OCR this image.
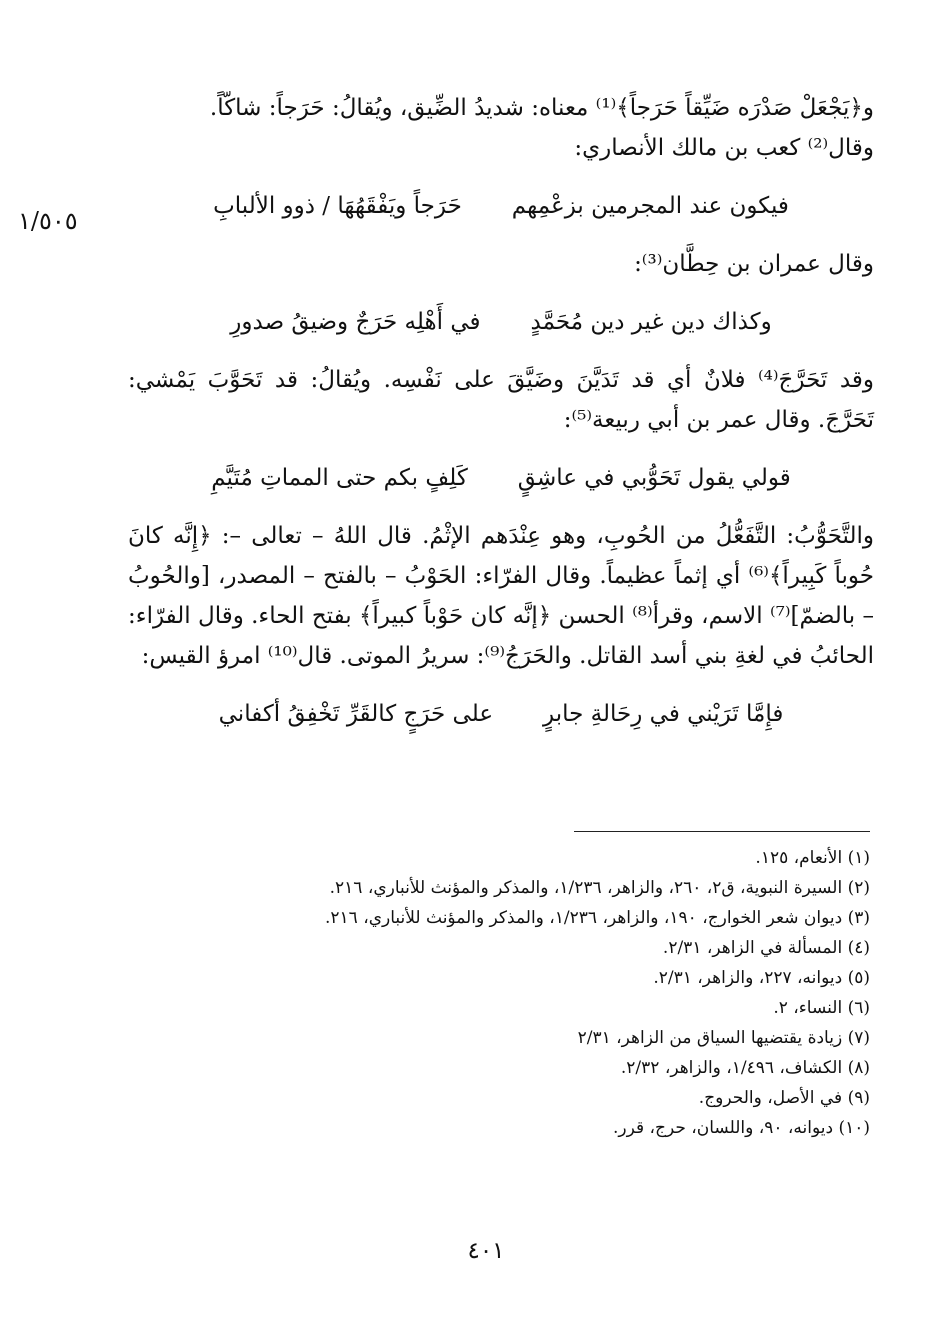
١/٥٠٥

و﴿يَجْعَلْ صَدْرَه ضَيِّقاً حَرَجاً﴾⁽¹⁾ معناه: شديدُ الضِّيق، ويُقالُ: حَرَجاً: شاكّاً.

وقال⁽²⁾ كعب بن مالك الأنصاري:

فيكون عند المجرمين بزعْمِهم
حَرَجاً ويَفْقَهُهَا / ذوو الألبابِ

وقال عمران بن حِطَّان⁽³⁾:

وكذاك دين غير دين مُحَمَّدٍ
في أَهْلِه حَرَجٌ وضيقُ صدورِ

وقد تَحَرَّجَ⁽⁴⁾ فلانٌ أي قد تَدَيَّنَ وضَيَّقَ على نَفْسِه. ويُقالُ: قد تَحَوَّبَ يَمْشي: تَحَرَّجَ. وقال عمر بن أبي ربيعة⁽⁵⁾:

قولي يقول تَحَوُّبي في عاشِقٍ
كَلِفٍ بكم حتى المماتِ مُتَيَّمِ

والتَّحَوُّبُ: التَّفَعُّلُ من الحُوبِ، وهو عِنْدَهم الإثْمُ. قال اللهُ – تعالى –: ﴿إِنَّه كانَ حُوباً كَبِيراً﴾⁽⁶⁾ أي إثماً عظيماً. وقال الفرّاء: الحَوْبُ – بالفتح – المصدر، [والحُوبُ – بالضمّ]⁽⁷⁾ الاسم، وقرأ⁽⁸⁾ الحسن ﴿إنَّه كان حَوْباً كبيراً﴾ بفتح الحاء. وقال الفرّاء: الحائبُ في لغةِ بني أسد القاتل. والحَرَجُ⁽⁹⁾: سريرُ الموتى. قال⁽¹⁰⁾ امرؤ القيس:

فإِمَّا تَرَيْني في رِحَالةِ جابرٍ
على حَرَجٍ كالقَرِّ تَخْفِقُ أكفاني
(١) الأنعام، ١٢٥.
(٢) السيرة النبوية، ق٢، ٢٦٠، والزاهر، ١/٢٣٦، والمذكر والمؤنث للأنباري، ٢١٦.
(٣) ديوان شعر الخوارج، ١٩٠، والزاهر، ١/٢٣٦، والمذكر والمؤنث للأنباري، ٢١٦.
(٤) المسألة في الزاهر، ٢/٣١.
(٥) ديوانه، ٢٢٧، والزاهر، ٢/٣١.
(٦) النساء، ٢.
(٧) زيادة يقتضيها السياق من الزاهر، ٢/٣١
(٨) الكشاف، ١/٤٩٦، والزاهر، ٢/٣٢.
(٩) في الأصل، والحروج.
(١٠) ديوانه، ٩٠، واللسان، حرج، قرر.
٤٠١
